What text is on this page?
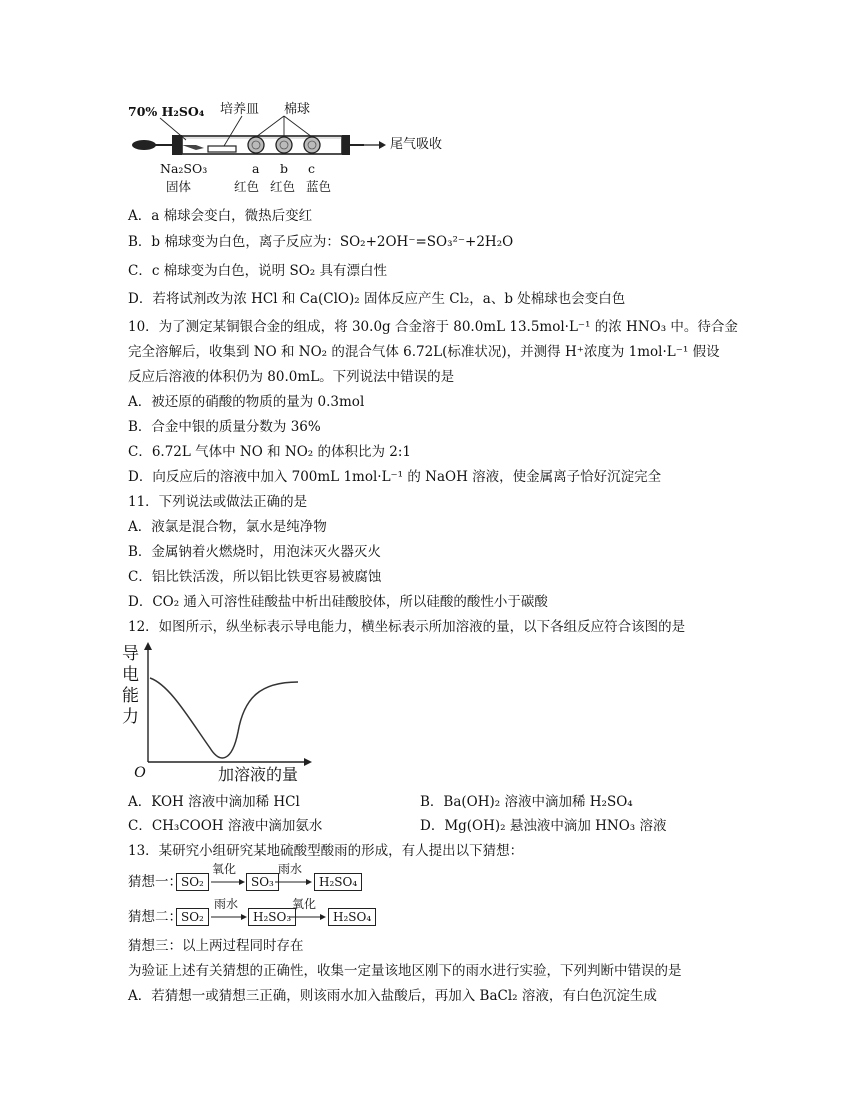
70% H₂SO₄ 培养皿 棉球
尾气吸收
Na₂SO₃
固体
a b c
红色 红色 蓝色
A．a 棉球会变白，微热后变红
B．b 棉球变为白色，离子反应为：SO₂+2OH⁻=SO₃²⁻+2H₂O
C．c 棉球变为白色，说明 SO₂ 具有漂白性
D．若将试剂改为浓 HCl 和 Ca(ClO)₂ 固体反应产生 Cl₂，a、b 处棉球也会变白色
10．为了测定某铜银合金的组成，将 30.0g 合金溶于 80.0mL 13.5mol·L⁻¹ 的浓 HNO₃ 中。待合金
完全溶解后，收集到 NO 和 NO₂ 的混合气体 6.72L(标准状况)，并测得 H⁺浓度为 1mol·L⁻¹ 假设
反应后溶液的体积仍为 80.0mL。下列说法中错误的是
A．被还原的硝酸的物质的量为 0.3mol
B．合金中银的质量分数为 36%
C．6.72L 气体中 NO 和 NO₂ 的体积比为 2:1
D．向反应后的溶液中加入 700mL 1mol·L⁻¹ 的 NaOH 溶液，使金属离子恰好沉淀完全
11．下列说法或做法正确的是
A．液氯是混合物，氯水是纯净物
B．金属钠着火燃烧时，用泡沫灭火器灭火
C．铝比铁活泼，所以铝比铁更容易被腐蚀
D．CO₂ 通入可溶性硅酸盐中析出硅酸胶体，所以硅酸的酸性小于碳酸
12．如图所示，纵坐标表示导电能力，横坐标表示所加溶液的量，以下各组反应符合该图的是
导
电
能
力
O	加溶液的量
A．KOH 溶液中滴加稀 HCl	B．Ba(OH)₂ 溶液中滴加稀 H₂SO₄
C．CH₃COOH 溶液中滴加氨水	D．Mg(OH)₂ 悬浊液中滴加 HNO₃ 溶液
13．某研究小组研究某地硫酸型酸雨的形成，有人提出以下猜想：
猜想一： SO₂	SO₃	H₂SO₄
氧化	雨水
猜想二： SO₂	H₂SO₃	H₂SO₄
雨水	氧化
猜想三：以上两过程同时存在
为验证上述有关猜想的正确性，收集一定量该地区刚下的雨水进行实验，下列判断中错误的是
A．若猜想一或猜想三正确，则该雨水加入盐酸后，再加入 BaCl₂ 溶液，有白色沉淀生成
